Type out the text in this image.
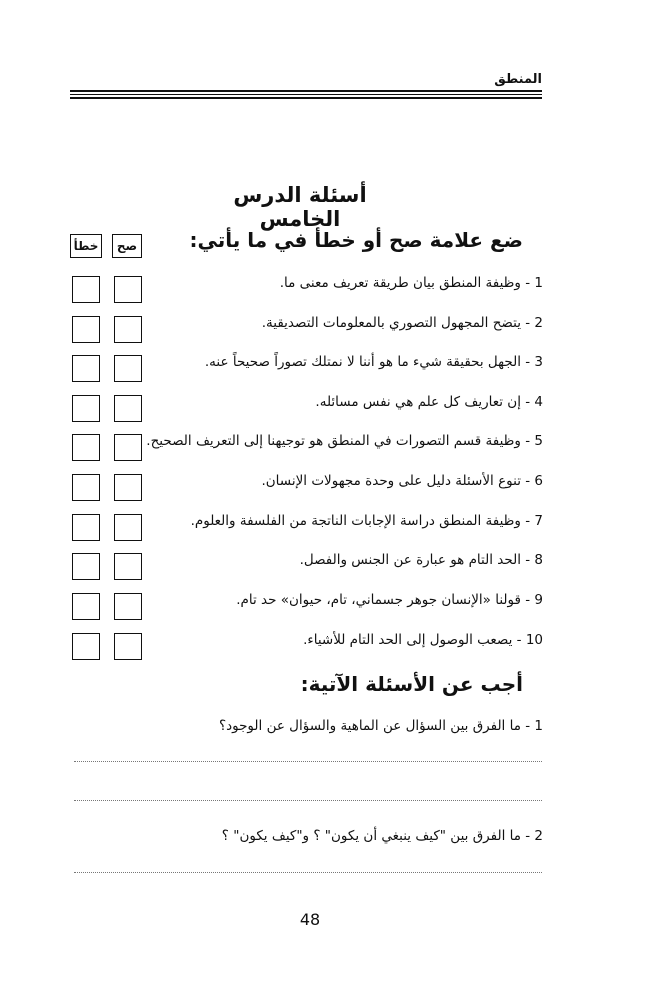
المنطق
أسئلة الدرس الخامس
ضع علامة صح أو خطأ في ما يأتي:
صح
خطأ
1 - وظيفة المنطق بيان طريقة تعريف معنى ما.
2 - يتضح المجهول التصوري بالمعلومات التصديقية.
3 - الجهل بحقيقة شيء ما هو أننا لا نمتلك تصوراً صحيحاً عنه.
4 - إن تعاريف كل علم هي نفس مسائله.
5 - وظيفة قسم التصورات في المنطق هو توجيهنا إلى التعريف الصحيح.
6 - تنوع الأسئلة دليل على وحدة مجهولات الإنسان.
7 - وظيفة المنطق دراسة الإجابات الناتجة من الفلسفة والعلوم.
8 - الحد التام هو عبارة عن الجنس والفصل.
9 - قولنا «الإنسان جوهر جسماني، تام، حيوان» حد تام.
10 - يصعب الوصول إلى الحد التام للأشياء.
أجب عن الأسئلة الآتية:
1 - ما الفرق بين السؤال عن الماهية والسؤال عن الوجود؟
2 - ما الفرق بين "كيف ينبغي أن يكون" ؟ و"كيف يكون" ؟
48
